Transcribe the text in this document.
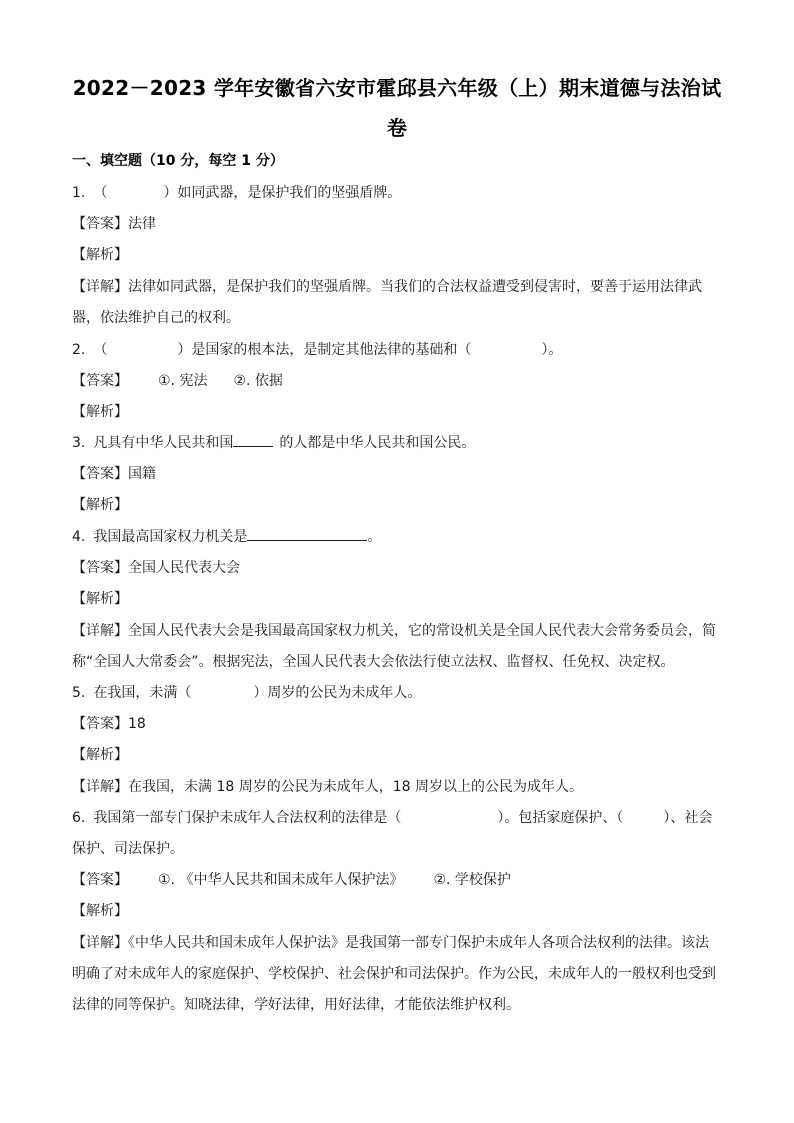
2022－2023 学年安徽省六安市霍邱县六年级（上）期末道德与法治试
卷
一、填空题（10 分，每空 1 分）
1. （	）如同武器，是保护我们的坚强盾牌。
【答案】法律
【解析】
【详解】法律如同武器，是保护我们的坚强盾牌。当我们的合法权益遭受到侵害时，要善于运用法律武
器，依法维护自己的权利。
2. （	）是国家的根本法，是制定其他法律的基础和（	）。
【答案】 ①. 宪法 ②. 依据
【解析】
3. 凡具有中华人民共和国	的人都是中华人民共和国公民。
【答案】国籍
【解析】
4. 我国最高国家权力机关是	。
【答案】全国人民代表大会
【解析】
【详解】全国人民代表大会是我国最高国家权力机关，它的常设机关是全国人民代表大会常务委员会，简
称“全国人大常委会”。根据宪法，全国人民代表大会依法行使立法权、监督权、任免权、决定权。
5. 在我国，未满（	）周岁的公民为未成年人。
【答案】18
【解析】
【详解】在我国，未满 18 周岁的公民为未成年人，18 周岁以上的公民为成年人。
6. 我国第一部专门保护未成年人合法权利的法律是（	）。包括家庭保护、（	）、社会
保护、司法保护。
【答案】 ①. 《中华人民共和国未成年人保护法》 ②. 学校保护
【解析】
【详解】《中华人民共和国未成年人保护法》是我国第一部专门保护未成年人各项合法权利的法律。该法
明确了对未成年人的家庭保护、学校保护、社会保护和司法保护。作为公民，未成年人的一般权利也受到
法律的同等保护。知晓法律，学好法律，用好法律，才能依法维护权利。
